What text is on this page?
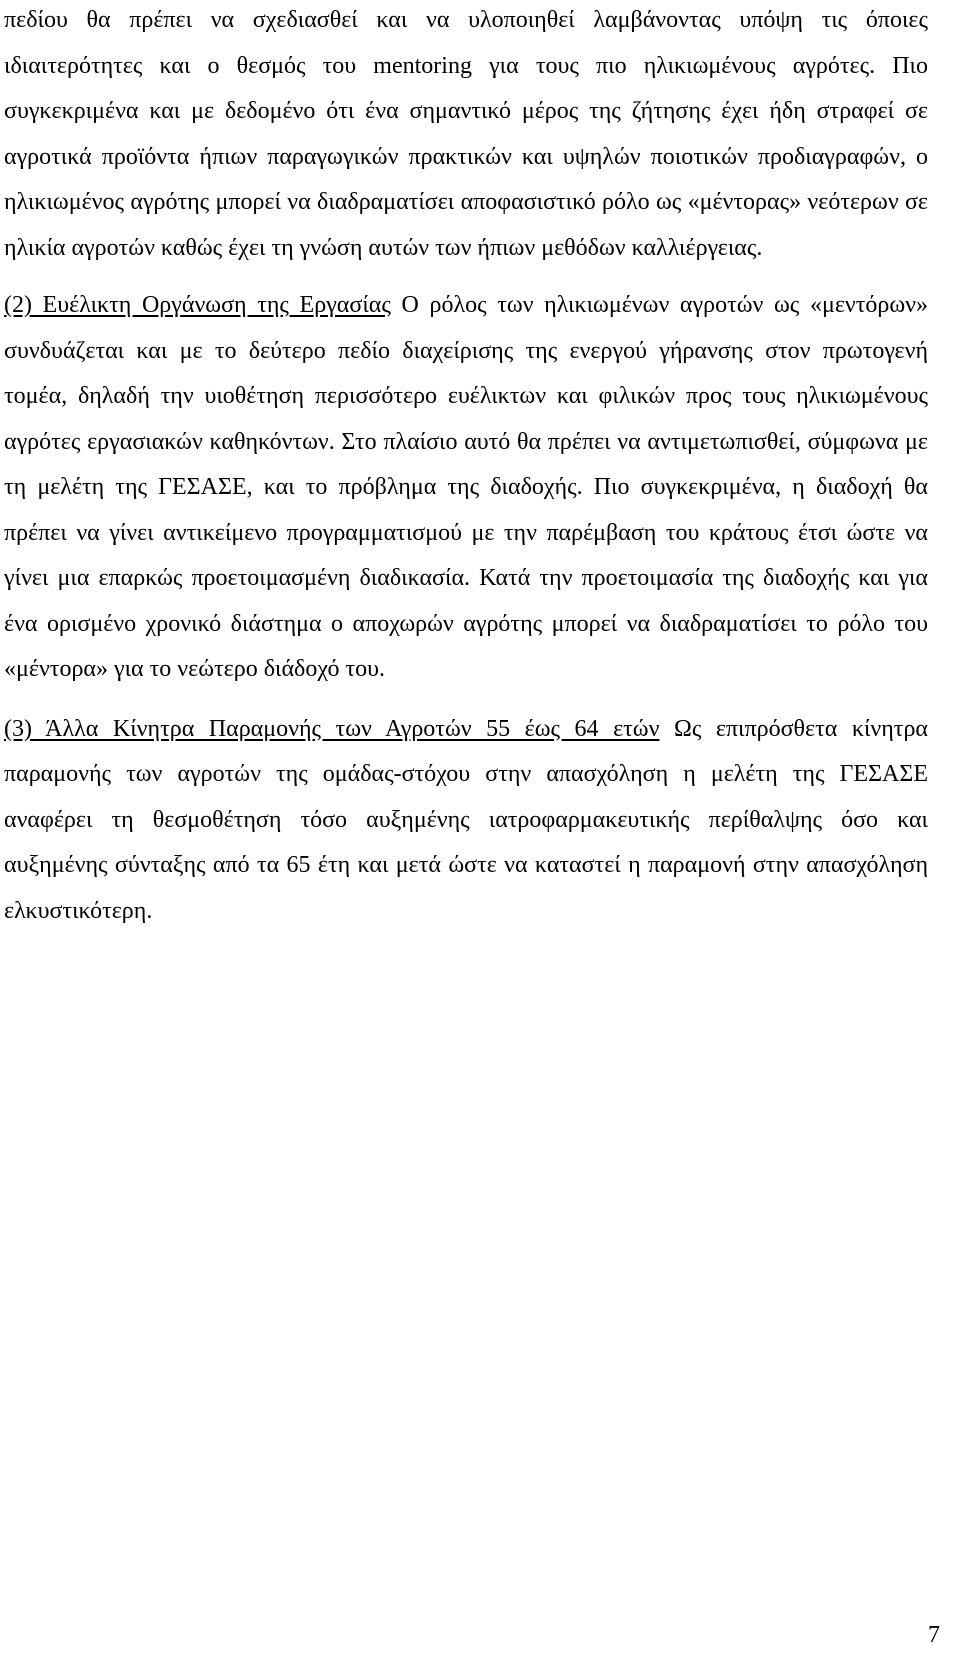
πεδίου θα πρέπει να σχεδιασθεί και να υλοποιηθεί λαμβάνοντας υπόψη τις όποιες ιδιαιτερότητες και ο θεσμός του mentoring για τους πιο ηλικιωμένους αγρότες. Πιο συγκεκριμένα και με δεδομένο ότι ένα σημαντικό μέρος της ζήτησης έχει ήδη στραφεί σε αγροτικά προϊόντα ήπιων παραγωγικών πρακτικών και υψηλών ποιοτικών προδιαγραφών, ο ηλικιωμένος αγρότης μπορεί να διαδραματίσει αποφασιστικό ρόλο ως «μέντορας» νεότερων σε ηλικία αγροτών καθώς έχει τη γνώση αυτών των ήπιων μεθόδων καλλιέργειας.

(2) Ευέλικτη Οργάνωση της Εργασίας Ο ρόλος των ηλικιωμένων αγροτών ως «μεντόρων» συνδυάζεται και με το δεύτερο πεδίο διαχείρισης της ενεργού γήρανσης στον πρωτογενή τομέα, δηλαδή την υιοθέτηση περισσότερο ευέλικτων και φιλικών προς τους ηλικιωμένους αγρότες εργασιακών καθηκόντων. Στο πλαίσιο αυτό θα πρέπει να αντιμετωπισθεί, σύμφωνα με τη μελέτη της ΓΕΣΑΣΕ, και το πρόβλημα της διαδοχής. Πιο συγκεκριμένα, η διαδοχή θα πρέπει να γίνει αντικείμενο προγραμματισμού με την παρέμβαση του κράτους έτσι ώστε να γίνει μια επαρκώς προετοιμασμένη διαδικασία. Κατά την προετοιμασία της διαδοχής και για ένα ορισμένο χρονικό διάστημα ο αποχωρών αγρότης μπορεί να διαδραματίσει το ρόλο του «μέντορα» για το νεώτερο διάδοχό του.

(3) Άλλα Κίνητρα Παραμονής των Αγροτών 55 έως 64 ετών Ως επιπρόσθετα κίνητρα παραμονής των αγροτών της ομάδας-στόχου στην απασχόληση η μελέτη της ΓΕΣΑΣΕ αναφέρει τη θεσμοθέτηση τόσο αυξημένης ιατροφαρμακευτικής περίθαλψης όσο και αυξημένης σύνταξης από τα 65 έτη και μετά ώστε να καταστεί η παραμονή στην απασχόληση ελκυστικότερη.

7
